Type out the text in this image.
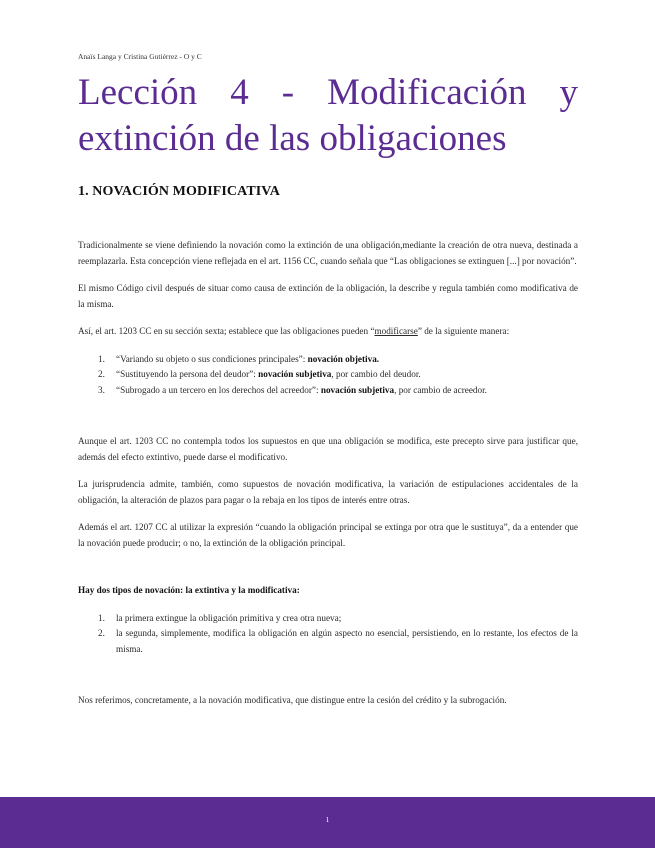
Anaïs Langa y Cristina Gutiérrez - O y C
Lección 4 - Modificación y
extinción de las obligaciones
1. NOVACIÓN MODIFICATIVA

Tradicionalmente se viene definiendo la novación como la extinción de una obligación,mediante la creación de otra nueva, destinada a reemplazarla. Esta concepción viene reflejada en el art. 1156 CC, cuando señala que “Las obligaciones se extinguen [...] por novación”.

El mismo Código civil después de situar como causa de extinción de la obligación, la describe y regula también como modificativa de la misma.

Así, el art. 1203 CC en su sección sexta; establece que las obligaciones pueden “modificarse” de la siguiente manera:

1. “Variando su objeto o sus condiciones principales”: novación objetiva.
2. “Sustituyendo la persona del deudor”: novación subjetiva, por cambio del deudor.
3. “Subrogado a un tercero en los derechos del acreedor”: novación subjetiva, por cambio de acreedor.

Aunque el art. 1203 CC no contempla todos los supuestos en que una obligación se modifica, este precepto sirve para justificar que, además del efecto extintivo, puede darse el modificativo.

La jurisprudencia admite, también, como supuestos de novación modificativa, la variación de estipulaciones accidentales de la obligación, la alteración de plazos para pagar o la rebaja en los tipos de interés entre otras.

Además el art. 1207 CC al utilizar la expresión “cuando la obligación principal se extinga por otra que le sustituya”, da a entender que la novación puede producir; o no, la extinción de la obligación principal.

Hay dos tipos de novación: la extintiva y la modificativa:

1. la primera extingue la obligación primitiva y crea otra nueva;
2. la segunda, simplemente, modifica la obligación en algún aspecto no esencial, persistiendo, en lo restante, los efectos de la misma.

Nos referimos, concretamente, a la novación modificativa, que distingue entre la cesión del crédito y la subrogación.

1
